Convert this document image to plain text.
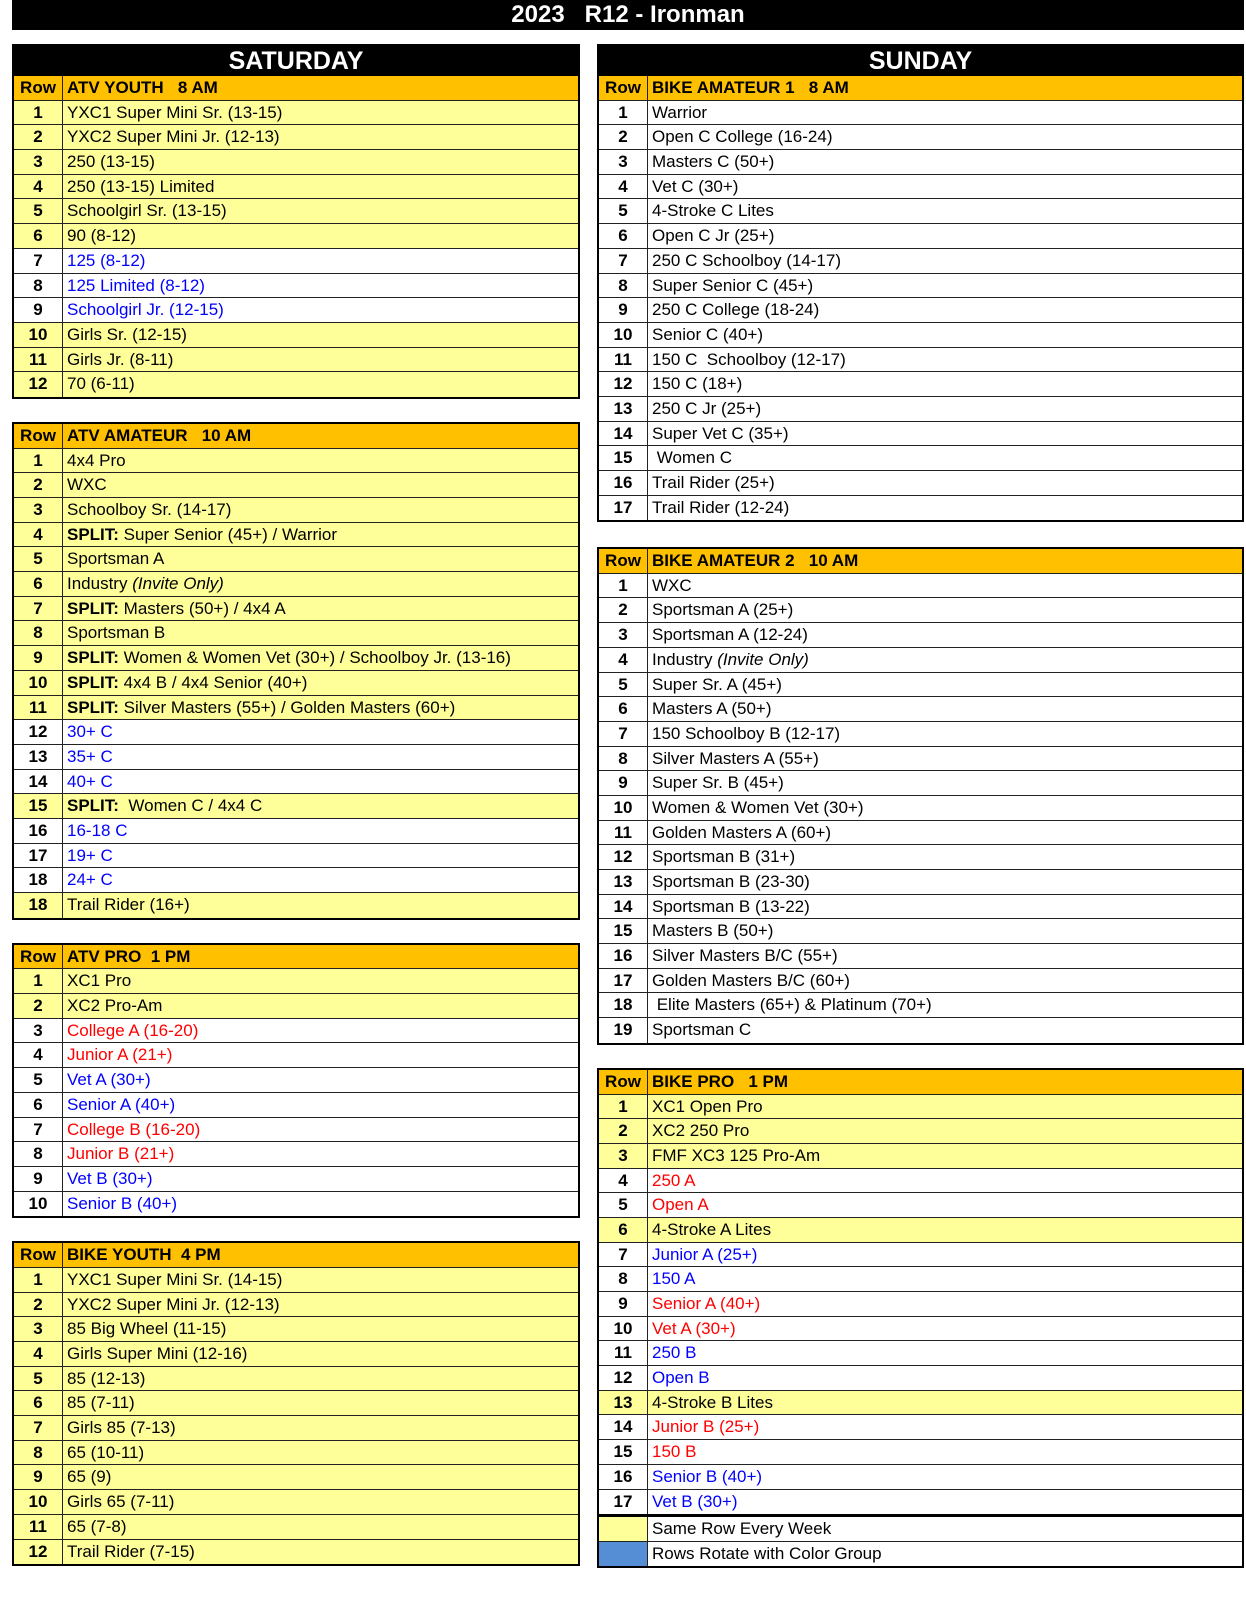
2023   R12 - Ironman
SATURDAY
Row ATV YOUTH   8 AM
1	YXC1 Super Mini Sr. (13-15)
2	YXC2 Super Mini Jr. (12-13)
3	250 (13-15)
4	250 (13-15) Limited
5	Schoolgirl Sr. (13-15)
6	90 (8-12)
7	125 (8-12)
8	125 Limited (8-12)
9	Schoolgirl Jr. (12-15)
10	Girls Sr. (12-15)
11	Girls Jr. (8-11)
12	70 (6-11)
Row ATV AMATEUR   10 AM
1	4x4 Pro
2	WXC
3	Schoolboy Sr. (14-17)
4	SPLIT: Super Senior (45+) / Warrior
5	Sportsman A
6	Industry (Invite Only)
7	SPLIT: Masters (50+) / 4x4 A
8	Sportsman B
9	SPLIT: Women & Women Vet (30+) / Schoolboy Jr. (13-16)
10	SPLIT: 4x4 B / 4x4 Senior (40+)
11	SPLIT: Silver Masters (55+) / Golden Masters (60+)
12	30+ C
13	35+ C
14	40+ C
15	SPLIT:  Women C / 4x4 C
16	16-18 C
17	19+ C
18	24+ C
18	Trail Rider (16+)
Row ATV PRO  1 PM
1	XC1 Pro
2	XC2 Pro-Am
3	College A (16-20)
4	Junior A (21+)
5	Vet A (30+)
6	Senior A (40+)
7	College B (16-20)
8	Junior B (21+)
9	Vet B (30+)
10	Senior B (40+)
Row BIKE YOUTH  4 PM
1	YXC1 Super Mini Sr. (14-15)
2	YXC2 Super Mini Jr. (12-13)
3	85 Big Wheel (11-15)
4	Girls Super Mini (12-16)
5	85 (12-13)
6	85 (7-11)
7	Girls 85 (7-13)
8	65 (10-11)
9	65 (9)
10	Girls 65 (7-11)
11	65 (7-8)
12	Trail Rider (7-15)
SUNDAY
Row BIKE AMATEUR 1   8 AM
1	Warrior
2	Open C College (16-24)
3	Masters C (50+)
4	Vet C (30+)
5	4-Stroke C Lites
6	Open C Jr (25+)
7	250 C Schoolboy (14-17)
8	Super Senior C (45+)
9	250 C College (18-24)
10	Senior C (40+)
11	150 C  Schoolboy (12-17)
12	150 C (18+)
13	250 C Jr (25+)
14	Super Vet C (35+)
15	Women C
16	Trail Rider (25+)
17	Trail Rider (12-24)
Row BIKE AMATEUR 2   10 AM
1	WXC
2	Sportsman A (25+)
3	Sportsman A (12-24)
4	Industry (Invite Only)
5	Super Sr. A (45+)
6	Masters A (50+)
7	150 Schoolboy B (12-17)
8	Silver Masters A (55+)
9	Super Sr. B (45+)
10	Women & Women Vet (30+)
11	Golden Masters A (60+)
12	Sportsman B (31+)
13	Sportsman B (23-30)
14	Sportsman B (13-22)
15	Masters B (50+)
16	Silver Masters B/C (55+)
17	Golden Masters B/C (60+)
18	Elite Masters (65+) & Platinum (70+)
19	Sportsman C
Row BIKE PRO   1 PM
1	XC1 Open Pro
2	XC2 250 Pro
3	FMF XC3 125 Pro-Am
4	250 A
5	Open A
6	4-Stroke A Lites
7	Junior A (25+)
8	150 A
9	Senior A (40+)
10	Vet A (30+)
11	250 B
12	Open B
13	4-Stroke B Lites
14	Junior B (25+)
15	150 B
16	Senior B (40+)
17	Vet B (30+)
Same Row Every Week
Rows Rotate with Color Group
